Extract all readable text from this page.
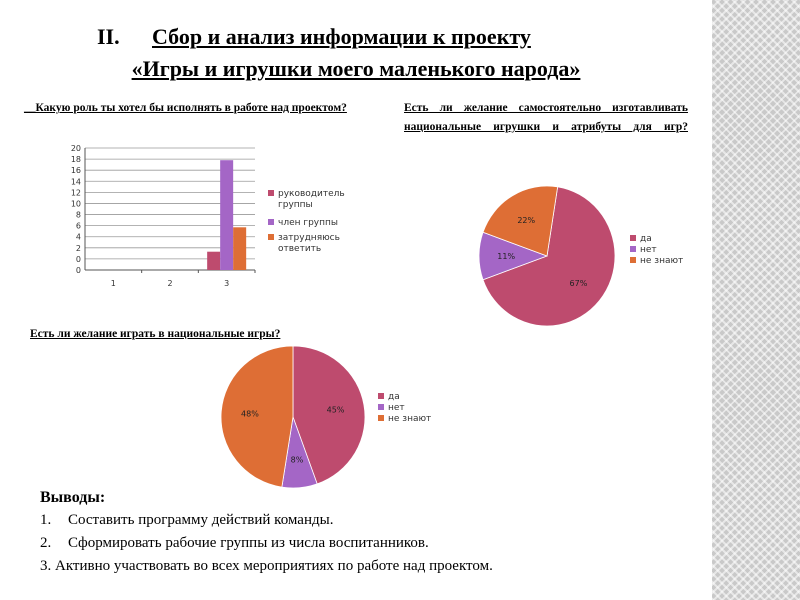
II. Сбор и анализ информации к проекту
«Игры и игрушки моего маленького народа»
__Какую роль ты хотел бы исполнять в работе над проектом?	Есть ли желание самостоятельно изготавливать национальные игрушки и атрибуты для игр?
Есть ли желание играть в национальные игры?
0
0
2
4
6
8
10
12
14
16
18
20
1	2	3
руководитель группы
член группы
затрудняюсь ответить
67%
11%
22%
да
нет
не знают
45%
8%
48%
да
нет
не знают
Выводы:
1. Составить программу действий команды.
2. Сформировать рабочие группы из числа воспитанников.
3. Активно участвовать во всех мероприятиях по работе над проектом.
